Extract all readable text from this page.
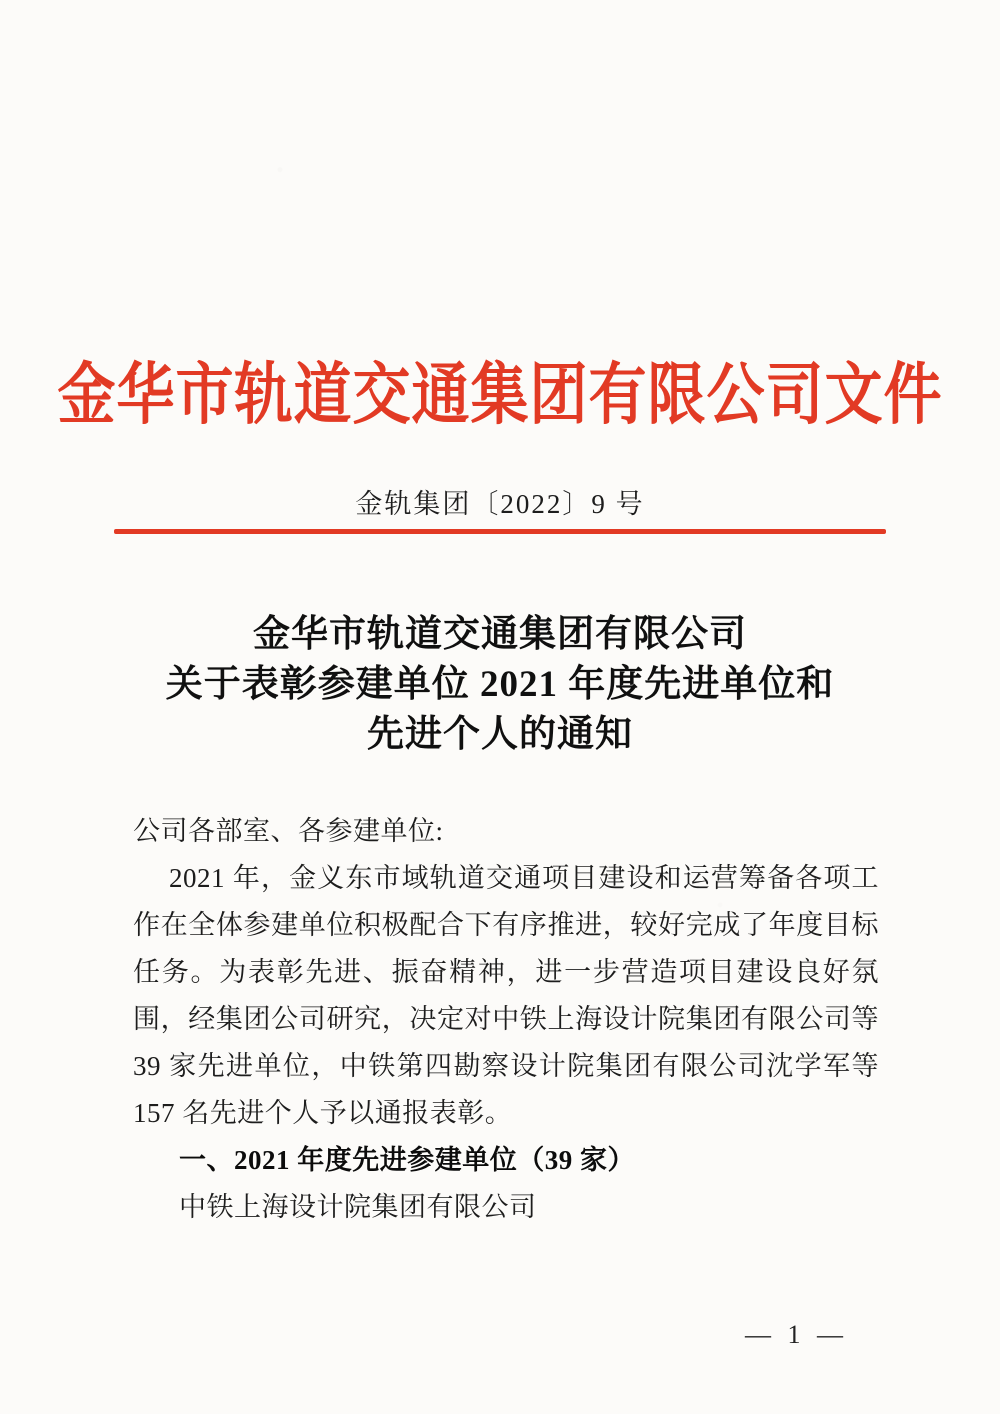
金华市轨道交通集团有限公司文件
金轨集团〔2022〕9 号
金华市轨道交通集团有限公司
关于表彰参建单位 2021 年度先进单位和
先进个人的通知

公司各部室、各参建单位:

2021 年，金义东市域轨道交通项目建设和运营筹备各项工作在全体参建单位积极配合下有序推进，较好完成了年度目标任务。为表彰先进、振奋精神，进一步营造项目建设良好氛围，经集团公司研究，决定对中铁上海设计院集团有限公司等 39 家先进单位，中铁第四勘察设计院集团有限公司沈学军等 157 名先进个人予以通报表彰。

一、2021 年度先进参建单位（39 家）

中铁上海设计院集团有限公司

— 1 —
